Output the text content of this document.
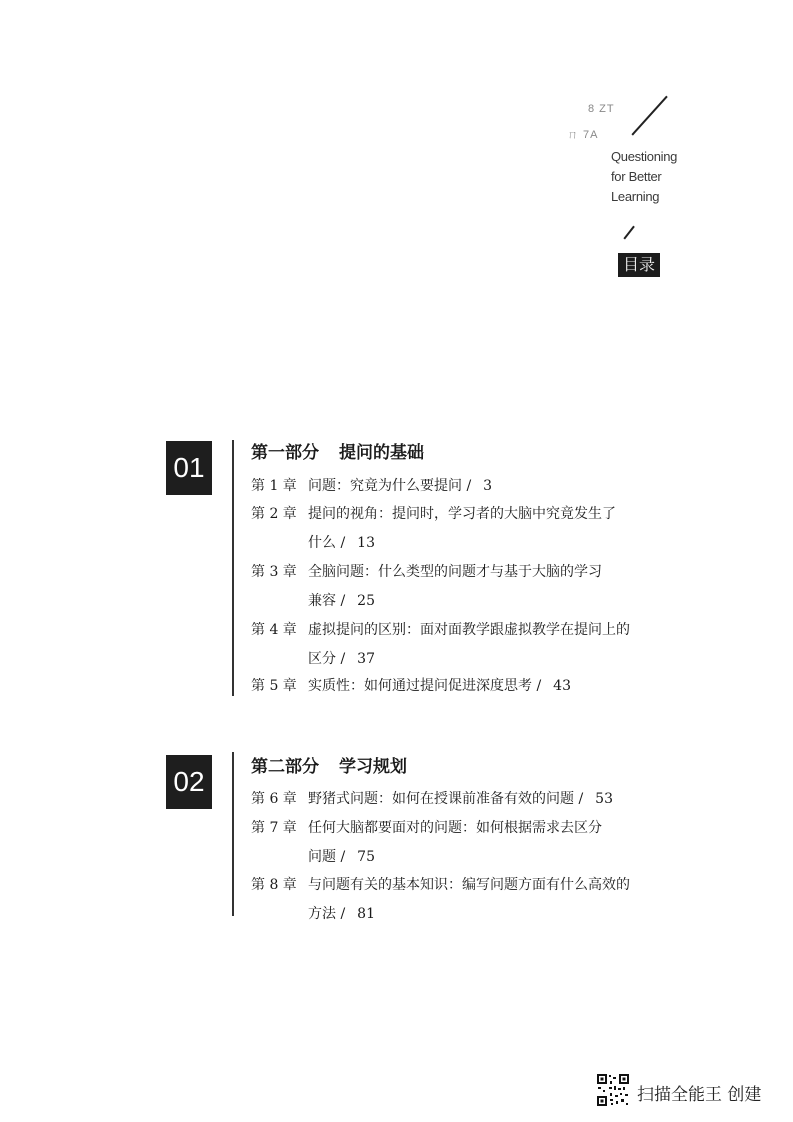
8 ZT
ㄇ 7A
Questioning
for Better
Learning
目录
01	第一部分 提问的基础
第 1 章 问题：究竟为什么要提问 / 3
第 2 章 提问的视角：提问时，学习者的大脑中究竟发生了
什么 / 13
第 3 章 全脑问题：什么类型的问题才与基于大脑的学习
兼容 / 25
第 4 章 虚拟提问的区别：面对面教学跟虚拟教学在提问上的
区分 / 37
第 5 章 实质性：如何通过提问促进深度思考 / 43
02	第二部分 学习规划
第 6 章 野猪式问题：如何在授课前准备有效的问题 / 53
第 7 章 任何大脑都要面对的问题：如何根据需求去区分
问题 / 75
第 8 章 与问题有关的基本知识：编写问题方面有什么高效的
方法 / 81
扫描全能王 创建
